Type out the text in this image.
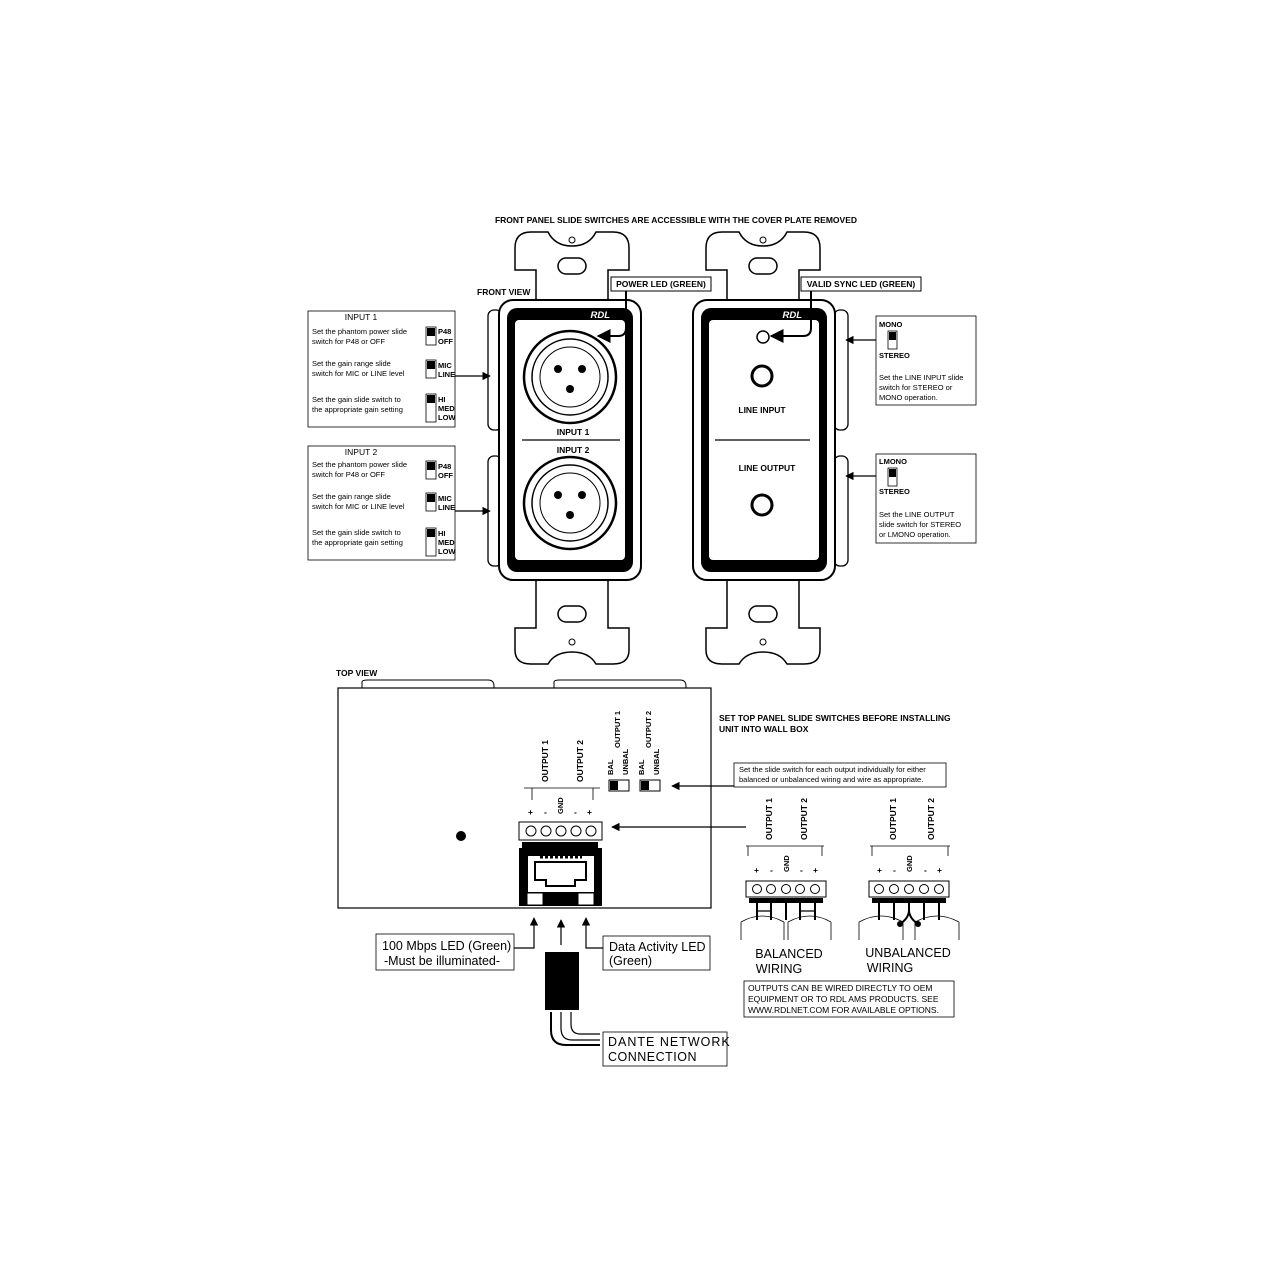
FRONT PANEL SLIDE SWITCHES ARE ACCESSIBLE WITH THE COVER PLATE REMOVED
FRONT VIEW
RDL
INPUT 1
INPUT 2
RDL
LINE INPUT
LINE OUTPUT
POWER LED (GREEN)	VALID SYNC LED (GREEN)
INPUT 1
Set the phantom power slide
switch for P48 or OFF
P48
OFF
Set the gain range slide
switch for MIC or LINE level
MIC
LINE
Set the gain slide switch to
the appropriate gain setting
HI
MED
LOW
INPUT 2
Set the phantom power slide
switch for P48 or OFF
P48
OFF
Set the gain range slide
switch for MIC or LINE level
MIC
LINE
Set the gain slide switch to
the appropriate gain setting
HI
MED
LOW
MONO
STEREO
Set the LINE INPUT slide
switch for STEREO or
MONO operation.
LMONO
STEREO
Set the LINE OUTPUT
slide switch for STEREO
or LMONO operation.
TOP VIEW
OUTPUT 1	OUTPUT 2
+ - GND - +
OUTPUT 1	OUTPUT 2
BAL UNBAL BAL UNBAL
SET TOP PANEL SLIDE SWITCHES BEFORE INSTALLING
UNIT INTO WALL BOX
Set the slide switch for each output individually for either
balanced or unbalanced wiring and wire as appropriate.
OUTPUT 1	OUTPUT 2
+ - GND - +
BALANCED
WIRING
OUTPUT 1	OUTPUT 2
+ - GND - +
UNBALANCED
WIRING
OUTPUTS CAN BE WIRED DIRECTLY TO OEM
EQUIPMENT OR TO RDL AMS PRODUCTS. SEE
WWW.RDLNET.COM FOR AVAILABLE OPTIONS.
100 Mbps LED (Green)
-Must be illuminated-
Data Activity LED
(Green)
DANTE NETWORK
CONNECTION
